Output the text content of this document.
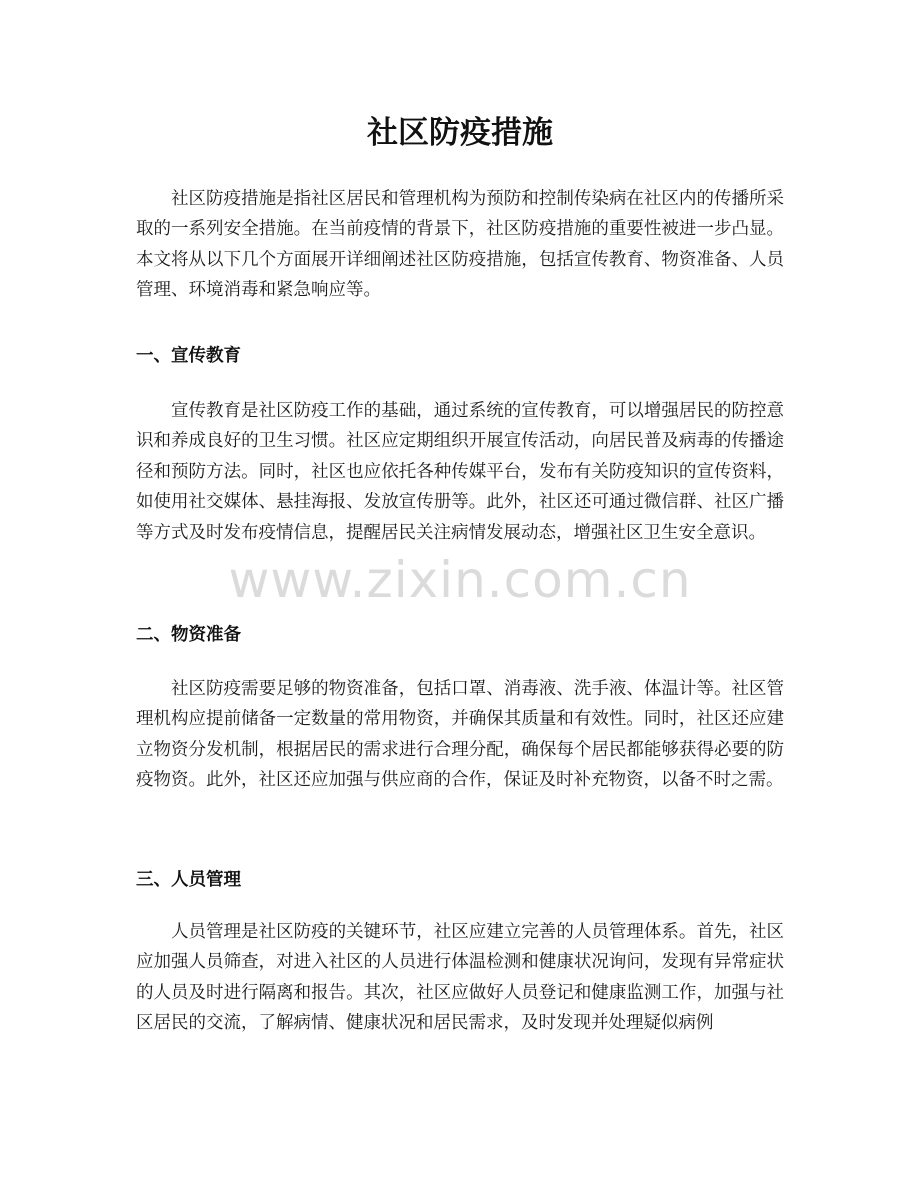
社区防疫措施

社区防疫措施是指社区居民和管理机构为预防和控制传染病在社区内的传播所采取的一系列安全措施。在当前疫情的背景下，社区防疫措施的重要性被进一步凸显。本文将从以下几个方面展开详细阐述社区防疫措施，包括宣传教育、物资准备、人员管理、环境消毒和紧急响应等。

一、宣传教育

宣传教育是社区防疫工作的基础，通过系统的宣传教育，可以增强居民的防控意识和养成良好的卫生习惯。社区应定期组织开展宣传活动，向居民普及病毒的传播途径和预防方法。同时，社区也应依托各种传媒平台，发布有关防疫知识的宣传资料，如使用社交媒体、悬挂海报、发放宣传册等。此外，社区还可通过微信群、社区广播等方式及时发布疫情信息，提醒居民关注病情发展动态，增强社区卫生安全意识。

二、物资准备

社区防疫需要足够的物资准备，包括口罩、消毒液、洗手液、体温计等。社区管理机构应提前储备一定数量的常用物资，并确保其质量和有效性。同时，社区还应建立物资分发机制，根据居民的需求进行合理分配，确保每个居民都能够获得必要的防疫物资。此外，社区还应加强与供应商的合作，保证及时补充物资，以备不时之需。

三、人员管理

人员管理是社区防疫的关键环节，社区应建立完善的人员管理体系。首先，社区应加强人员筛查，对进入社区的人员进行体温检测和健康状况询问，发现有异常症状的人员及时进行隔离和报告。其次，社区应做好人员登记和健康监测工作，加强与社区居民的交流，了解病情、健康状况和居民需求，及时发现并处理疑似病例

www.zixin.com.cn
